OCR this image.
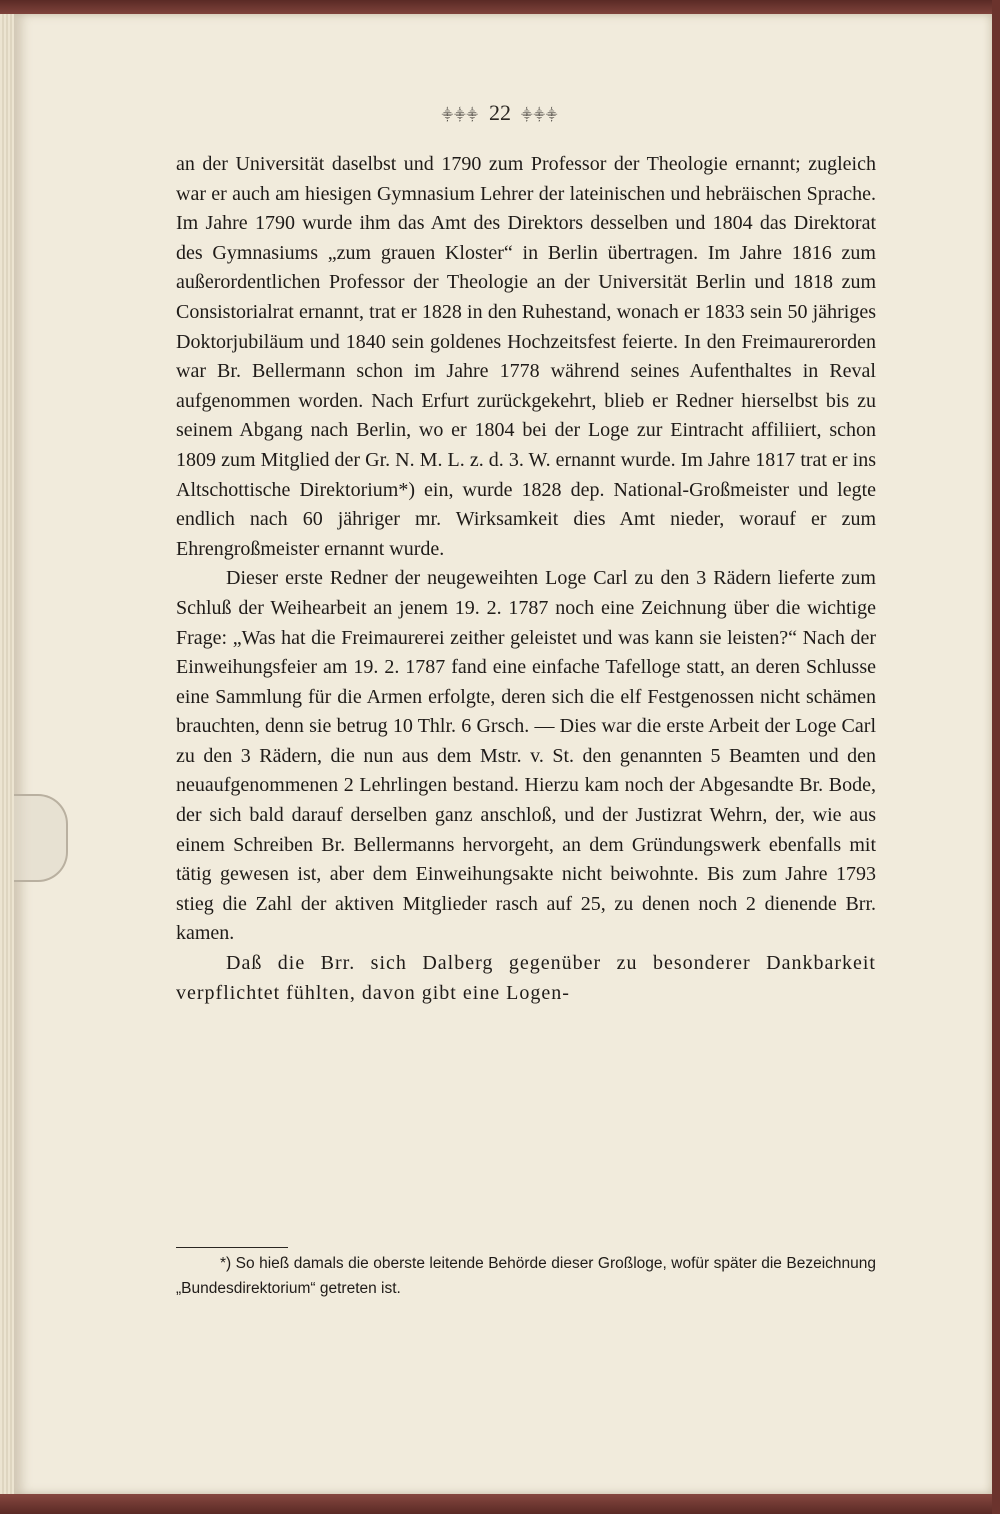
⸎⸎⸎ 22 ⸎⸎⸎

an der Universität daselbst und 1790 zum Professor der Theologie ernannt; zugleich war er auch am hiesigen Gymnasium Lehrer der lateinischen und hebräischen Sprache. Im Jahre 1790 wurde ihm das Amt des Direktors desselben und 1804 das Direktorat des Gymnasiums „zum grauen Kloster“ in Berlin übertragen. Im Jahre 1816 zum außerordentlichen Professor der Theologie an der Universität Berlin und 1818 zum Consistorialrat ernannt, trat er 1828 in den Ruhestand, wonach er 1833 sein 50 jähriges Doktorjubiläum und 1840 sein goldenes Hochzeitsfest feierte. In den Freimaurerorden war Br. Bellermann schon im Jahre 1778 während seines Aufenthaltes in Reval aufgenommen worden. Nach Erfurt zurückgekehrt, blieb er Redner hierselbst bis zu seinem Abgang nach Berlin, wo er 1804 bei der Loge zur Eintracht affiliiert, schon 1809 zum Mitglied der Gr. N. M. L. z. d. 3. W. ernannt wurde. Im Jahre 1817 trat er ins Altschottische Direktorium*) ein, wurde 1828 dep. National-Großmeister und legte endlich nach 60 jähriger mr. Wirksamkeit dies Amt nieder, worauf er zum Ehrengroßmeister ernannt wurde.

Dieser erste Redner der neugeweihten Loge Carl zu den 3 Rädern lieferte zum Schluß der Weihearbeit an jenem 19. 2. 1787 noch eine Zeichnung über die wichtige Frage: „Was hat die Freimaurerei zeither geleistet und was kann sie leisten?“ Nach der Einweihungsfeier am 19. 2. 1787 fand eine einfache Tafelloge statt, an deren Schlusse eine Sammlung für die Armen erfolgte, deren sich die elf Festgenossen nicht schämen brauchten, denn sie betrug 10 Thlr. 6 Grsch. — Dies war die erste Arbeit der Loge Carl zu den 3 Rädern, die nun aus dem Mstr. v. St. den genannten 5 Beamten und den neuaufgenommenen 2 Lehrlingen bestand. Hierzu kam noch der Abgesandte Br. Bode, der sich bald darauf derselben ganz anschloß, und der Justizrat Wehrn, der, wie aus einem Schreiben Br. Bellermanns hervorgeht, an dem Gründungswerk ebenfalls mit tätig gewesen ist, aber dem Einweihungsakte nicht beiwohnte. Bis zum Jahre 1793 stieg die Zahl der aktiven Mitglieder rasch auf 25, zu denen noch 2 dienende Brr. kamen.

Daß die Brr. sich Dalberg gegenüber zu besonderer Dankbarkeit verpflichtet fühlten, davon gibt eine Logen-

*) So hieß damals die oberste leitende Behörde dieser Großloge, wofür später die Bezeichnung „Bundesdirektorium“ getreten ist.
